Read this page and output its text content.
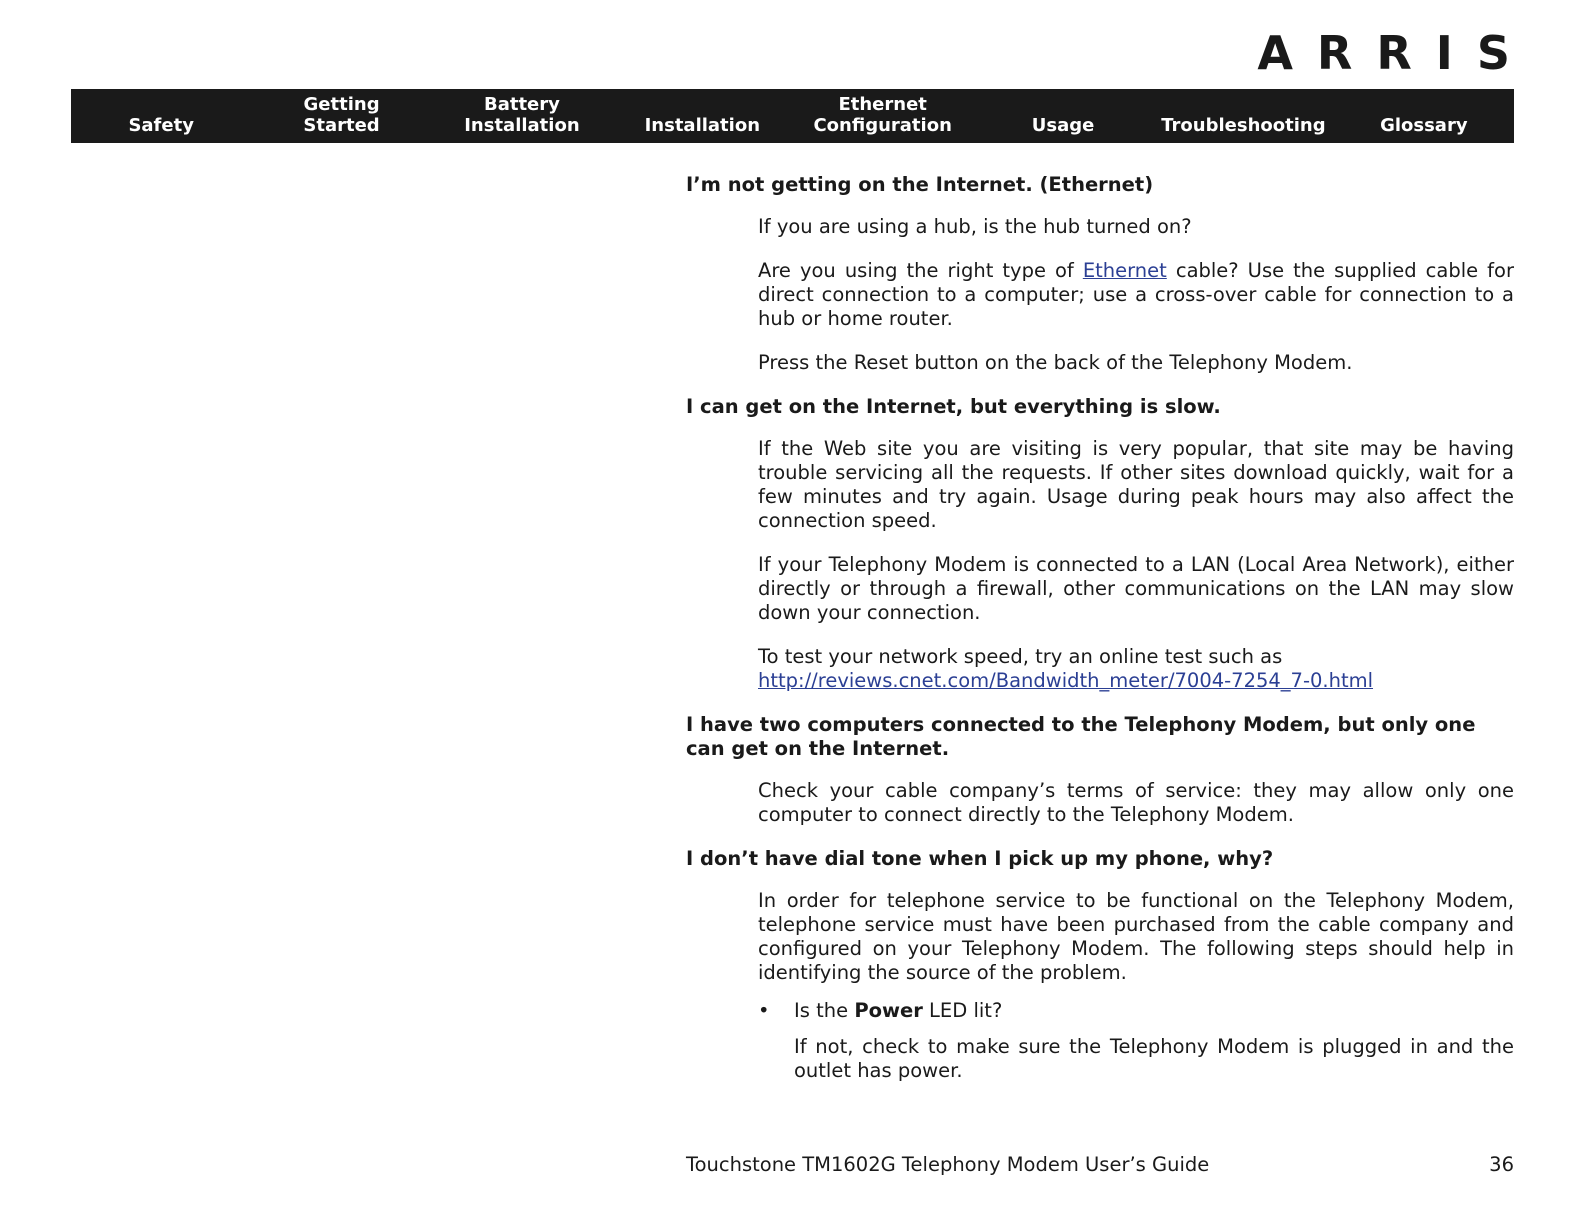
ARRIS
Safety
Getting
Started
Battery
Installation	Installation
Ethernet
Configuration	Usage	Troubleshooting	Glossary
I’m not getting on the Internet. (Ethernet)

If you are using a hub, is the hub turned on?

Are you using the right type of Ethernet cable? Use the supplied cable for direct connection to a computer; use a cross-over cable for connection to a hub or home router.

Press the Reset button on the back of the Telephony Modem.

I can get on the Internet, but everything is slow.

If the Web site you are visiting is very popular, that site may be having trouble servicing all the requests. If other sites download quickly, wait for a few minutes and try again. Usage during peak hours may also affect the connection speed.

If your Telephony Modem is connected to a LAN (Local Area Network), either directly or through a firewall, other communications on the LAN may slow down your connection.

To test your network speed, try an online test such as
http://reviews.cnet.com/Bandwidth_meter/7004-7254_7-0.html

I have two computers connected to the Telephony Modem, but only one can get on the Internet.

Check your cable company’s terms of service: they may allow only one computer to connect directly to the Telephony Modem.

I don’t have dial tone when I pick up my phone, why?

In order for telephone service to be functional on the Telephony Modem, telephone service must have been purchased from the cable company and configured on your Telephony Modem. The following steps should help in identifying the source of the problem.

•	Is the Power LED lit?

If not, check to make sure the Telephony Modem is plugged in and the outlet has power.

Touchstone TM1602G Telephony Modem User’s Guide	36
